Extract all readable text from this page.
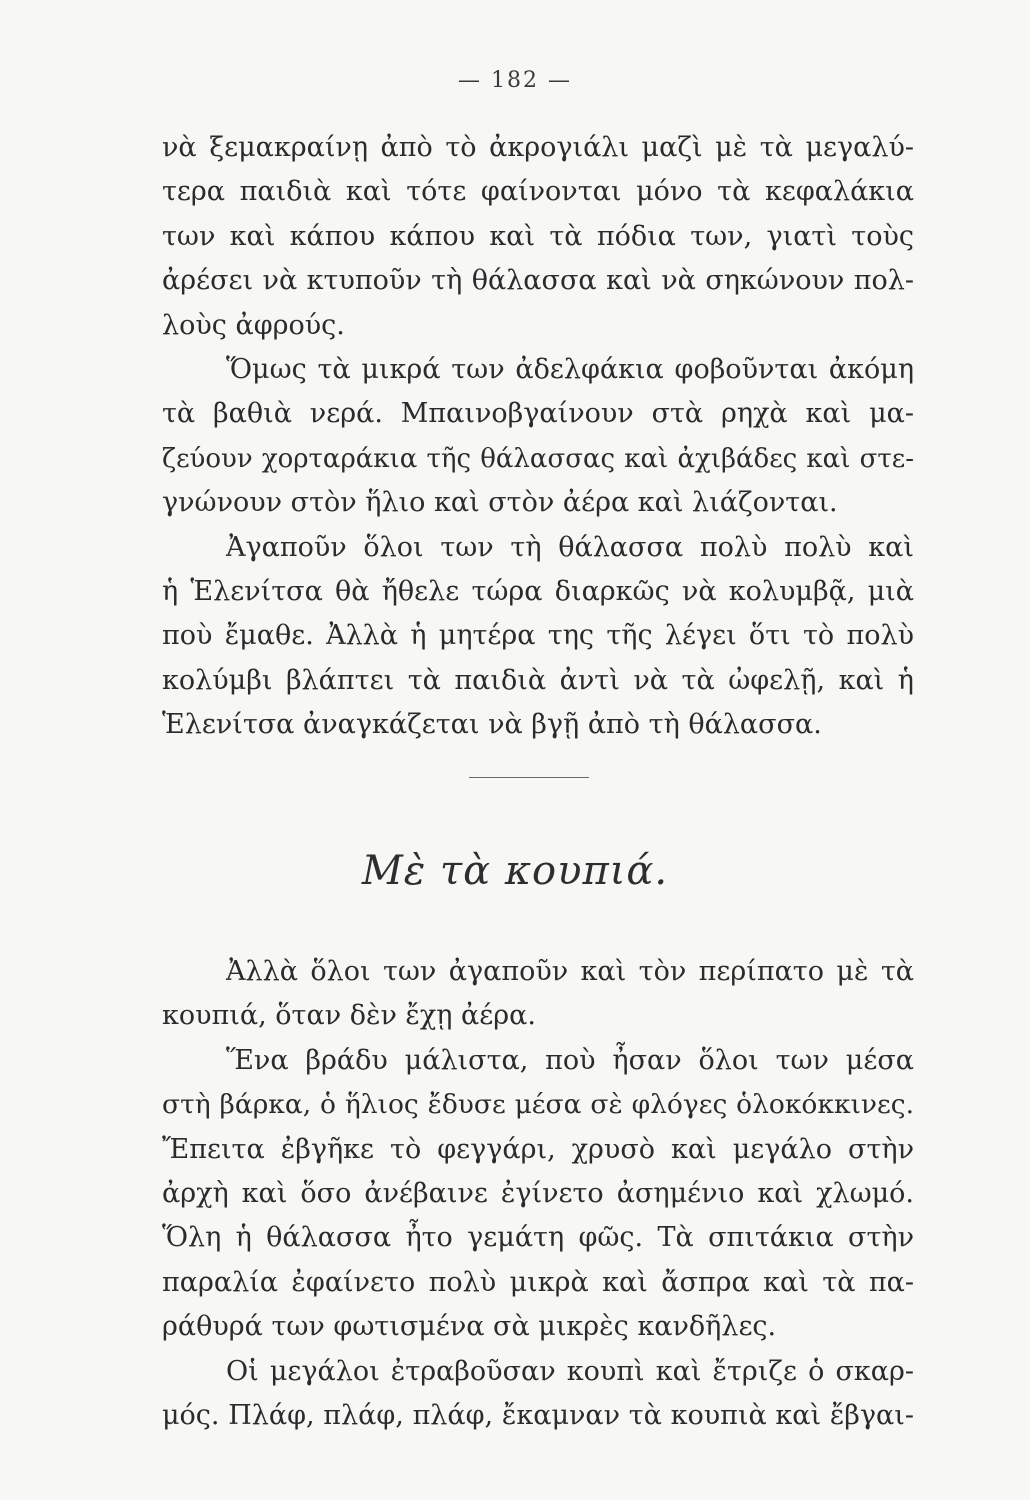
— 182 —
νὰ ξεμακραίνῃ ἀπὸ τὸ ἀκρογιάλι μαζὶ μὲ τὰ μεγαλύ-
τερα παιδιὰ καὶ τότε φαίνονται μόνο τὰ κεφαλάκια
των καὶ κάπου κάπου καὶ τὰ πόδια των, γιατὶ τοὺς
ἀρέσει νὰ κτυποῦν τὴ θάλασσα καὶ νὰ σηκώνουν πολ-
λοὺς ἀφρούς.
Ὅμως τὰ μικρά των ἀδελφάκια φοβοῦνται ἀκόμη
τὰ βαθιὰ νερά. Μπαινοβγαίνουν στὰ ρηχὰ καὶ μα-
ζεύουν χορταράκια τῆς θάλασσας καὶ ἀχιβάδες καὶ στε-
γνώνουν στὸν ἥλιο καὶ στὸν ἀέρα καὶ λιάζονται.
Ἀγαποῦν ὅλοι των τὴ θάλασσα πολὺ πολὺ καὶ
ἡ Ἑλενίτσα θὰ ἤθελε τώρα διαρκῶς νὰ κολυμβᾷ, μιὰ
ποὺ ἔμαθε. Ἀλλὰ ἡ μητέρα της τῆς λέγει ὅτι τὸ πολὺ
κολύμβι βλάπτει τὰ παιδιὰ ἀντὶ νὰ τὰ ὠφελῇ, καὶ ἡ
Ἑλενίτσα ἀναγκάζεται νὰ βγῇ ἀπὸ τὴ θάλασσα.
Μὲ τὰ κουπιά.
Ἀλλὰ ὅλοι των ἀγαποῦν καὶ τὸν περίπατο μὲ τὰ
κουπιά, ὅταν δὲν ἔχῃ ἀέρα.
Ἕνα βράδυ μάλιστα, ποὺ ἦσαν ὅλοι των μέσα
στὴ βάρκα, ὁ ἥλιος ἔδυσε μέσα σὲ φλόγες ὁλοκόκκινες.
Ἔπειτα ἐβγῆκε τὸ φεγγάρι, χρυσὸ καὶ μεγάλο στὴν
ἀρχὴ καὶ ὅσο ἀνέβαινε ἐγίνετο ἀσημένιο καὶ χλωμό.
Ὅλη ἡ θάλασσα ἦτο γεμάτη φῶς. Τὰ σπιτάκια στὴν
παραλία ἐφαίνετο πολὺ μικρὰ καὶ ἄσπρα καὶ τὰ πα-
ράθυρά των φωτισμένα σὰ μικρὲς κανδῆλες.
Οἱ μεγάλοι ἐτραβοῦσαν κουπὶ καὶ ἔτριζε ὁ σκαρ-
μός. Πλάφ, πλάφ, πλάφ, ἔκαμναν τὰ κουπιὰ καὶ ἔβγαι-
